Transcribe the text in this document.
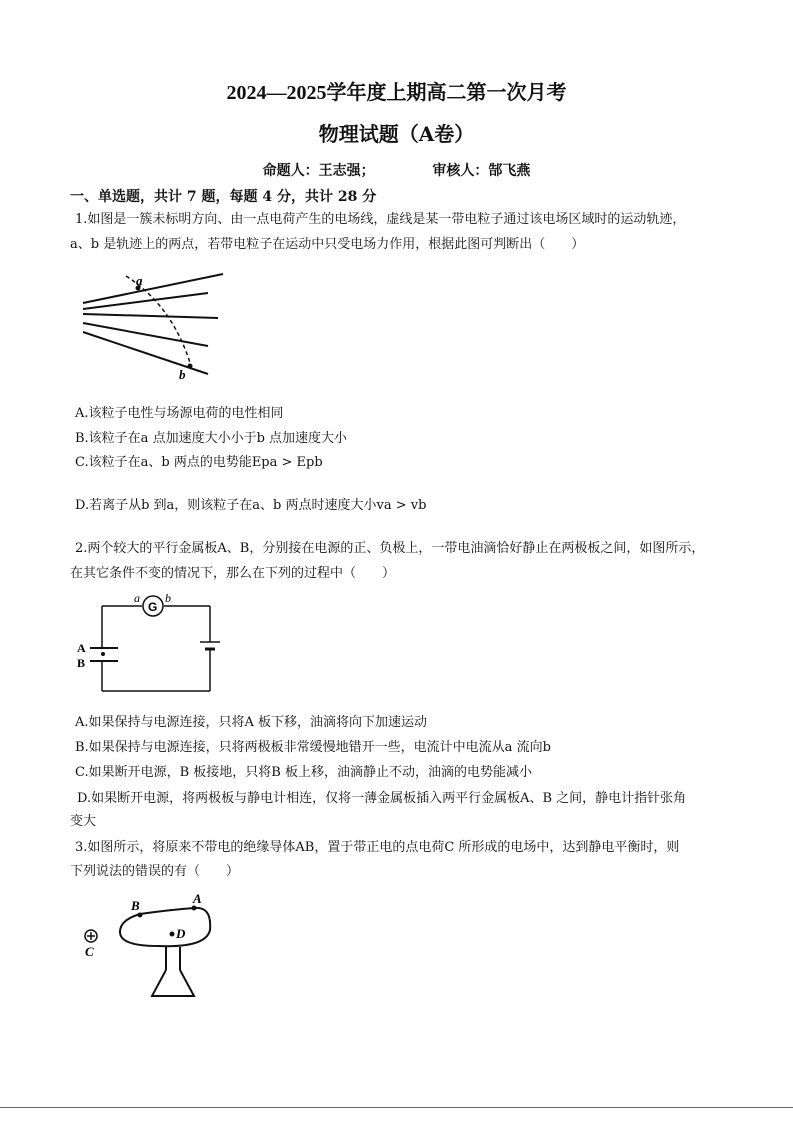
2024—2025学年度上期高二第一次月考
物理试题（A卷）
命题人：王志强；	审核人：郜飞燕
一、单选题，共计 7 题，每题 4 分，共计 28 分
1.如图是一簇未标明方向、由一点电荷产生的电场线，虚线是某一带电粒子通过该电场区域时的运动轨迹，
a、b 是轨迹上的两点，若带电粒子在运动中只受电场力作用，根据此图可判断出（　　）
a
b
A.该粒子电性与场源电荷的电性相同
B.该粒子在a 点加速度大小小于b 点加速度大小
C.该粒子在a、b 两点的电势能Epa > Epb
D.若离子从b 到a，则该粒子在a、b 两点时速度大小va > vb
2.两个较大的平行金属板A、B，分别接在电源的正、负极上，一带电油滴恰好静止在两极板之间，如图所示，
在其它条件不变的情况下，那么在下列的过程中（　　）
G
a b
A
B
A.如果保持与电源连接，只将A 板下移，油滴将向下加速运动
B.如果保持与电源连接，只将两极板非常缓慢地错开一些，电流计中电流从a 流向b
C.如果断开电源，B 板接地，只将B 板上移，油滴静止不动，油滴的电势能减小
D.如果断开电源，将两极板与静电计相连，仅将一薄金属板插入两平行金属板A、B 之间，静电计指针张角
变大
3.如图所示，将原来不带电的绝缘导体AB，置于带正电的点电荷C 所形成的电场中，达到静电平衡时，则
下列说法的错误的有（　　）
C
B	A
D
